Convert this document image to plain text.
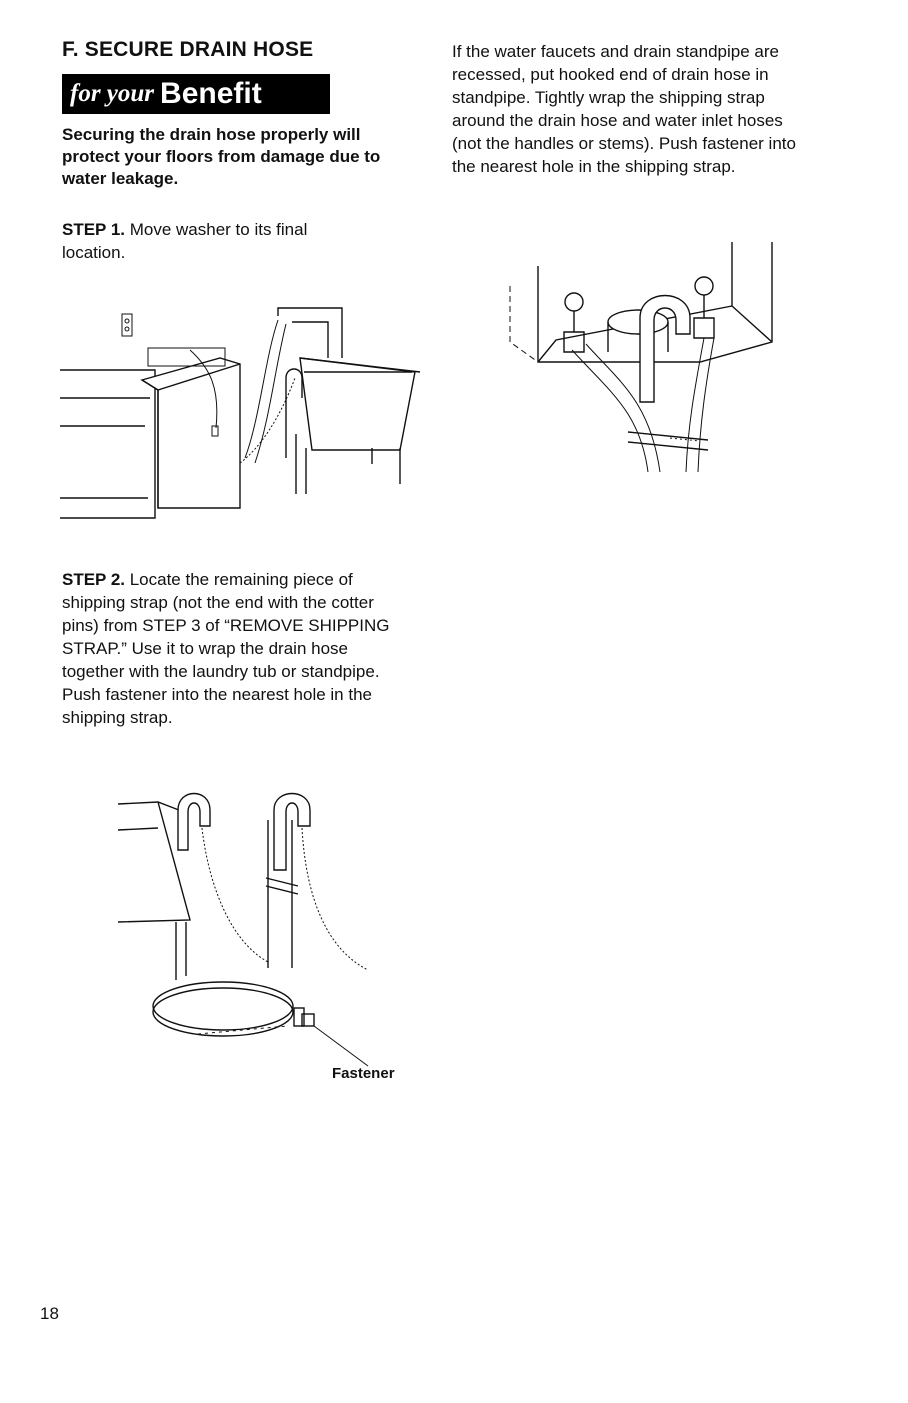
F. SECURE DRAIN HOSE
for your Benefit
Securing the drain hose properly will protect your floors from damage due to water leakage.
STEP 1. Move washer to its final location.
STEP 2. Locate the remaining piece of shipping strap (not the end with the cotter pins) from STEP 3 of “REMOVE SHIPPING STRAP.” Use it to wrap the drain hose together with the laundry tub or standpipe. Push fastener into the nearest hole in the shipping strap.
If the water faucets and drain standpipe are recessed, put hooked end of drain hose in standpipe. Tightly wrap the shipping strap around the drain hose and water inlet hoses (not the handles or stems). Push fastener into the nearest hole in the shipping strap.
Fastener
18
